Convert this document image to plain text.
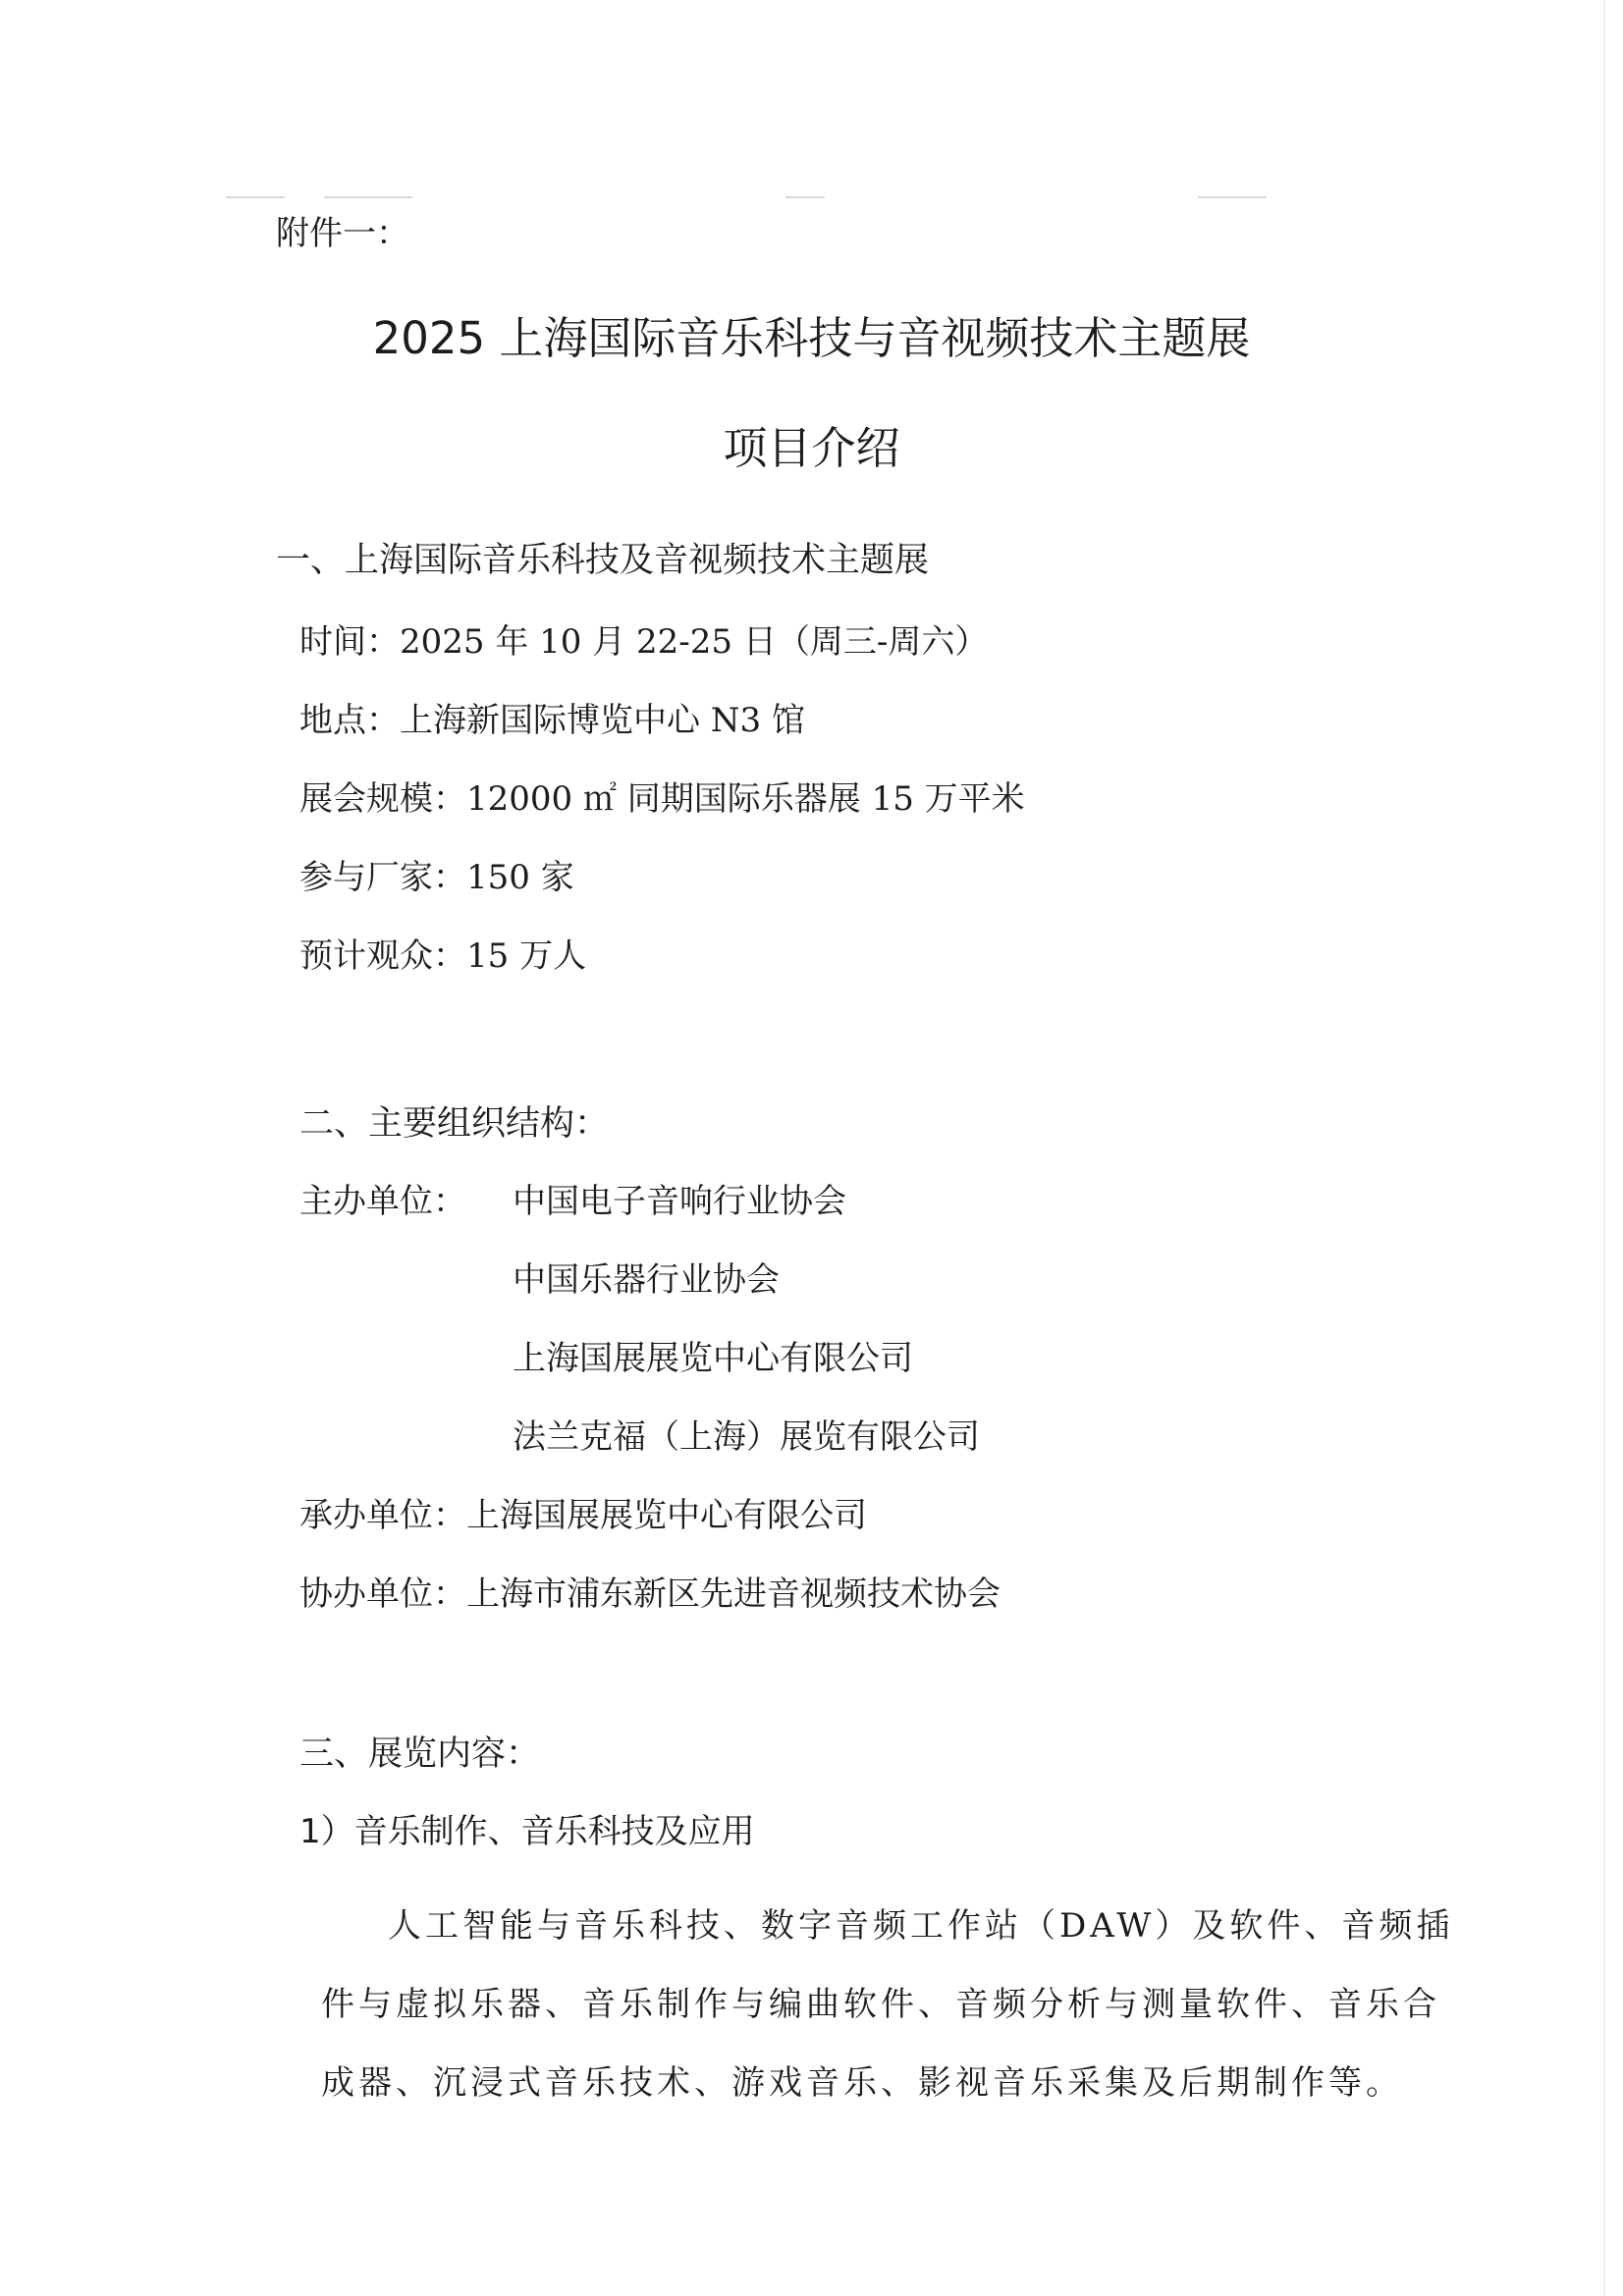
附件一：
2025 上海国际音乐科技与音视频技术主题展
项目介绍
一、上海国际音乐科技及音视频技术主题展
时间：2025 年 10 月 22-25 日（周三-周六）
地点：上海新国际博览中心 N3 馆
展会规模：12000 ㎡ 同期国际乐器展 15 万平米
参与厂家：150 家
预计观众：15 万人
二、主要组织结构：
主办单位： 中国电子音响行业协会
中国乐器行业协会
上海国展展览中心有限公司
法兰克福（上海）展览有限公司
承办单位：上海国展展览中心有限公司
协办单位：上海市浦东新区先进音视频技术协会
三、展览内容：
1）音乐制作、音乐科技及应用
人工智能与音乐科技、数字音频工作站（DAW）及软件、音频插件与虚拟乐器、音乐制作与编曲软件、音频分析与测量软件、音乐合成器、沉浸式音乐技术、游戏音乐、影视音乐采集及后期制作等。
